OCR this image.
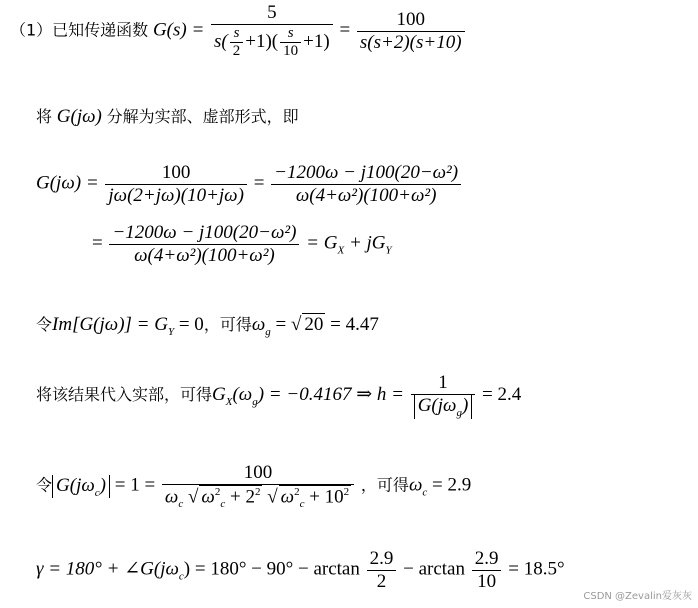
（1）已知传递函数 $G(s) = \frac{5}{s( \frac{s}{2} +1)( \frac{s}{10} +1)} = \frac{100}{s(s+2)(s+10)}$
将 G(jω) 分解为实部、虚部形式，即
$G(j\omega) = \frac{100}{j\omega(2+j\omega)(10+j\omega)} = \frac{\text{−1200ω − j100(20−ω²)}}{\text{ω(4+ω²)(100+ω²)}}$
= $\frac{\text{−1200ω − j100(20−ω²)}}{\text{ω(4+ω²)(100+ω²)}} = G_X + jG_Y$
令$Im[G(j\omega)] = G_Y = 0$，可得$\omega_g$ = √ 20 = 4.47
将该结果代入实部，可得$G_X(\omega_g) = -0.4167$ ⇒ $h = \frac{1}{G(j\omega_g)} = 2.4$
令 $G(j\omega_c) = 1 = \frac{100}{\omega_c √ \omega^2_c + 2^2 √ \omega^2_c + 10^2}$ ，可得$\omega_c = 2.9$
$\gamma = 180^\circ + \angle G(j\omega_c) = 180^\circ - 90^\circ - \arctan \frac{2.9}{2} - \arctan \frac{2.9}{10} = 18.5^\circ$
CSDN @Zevalin爱灰灰
